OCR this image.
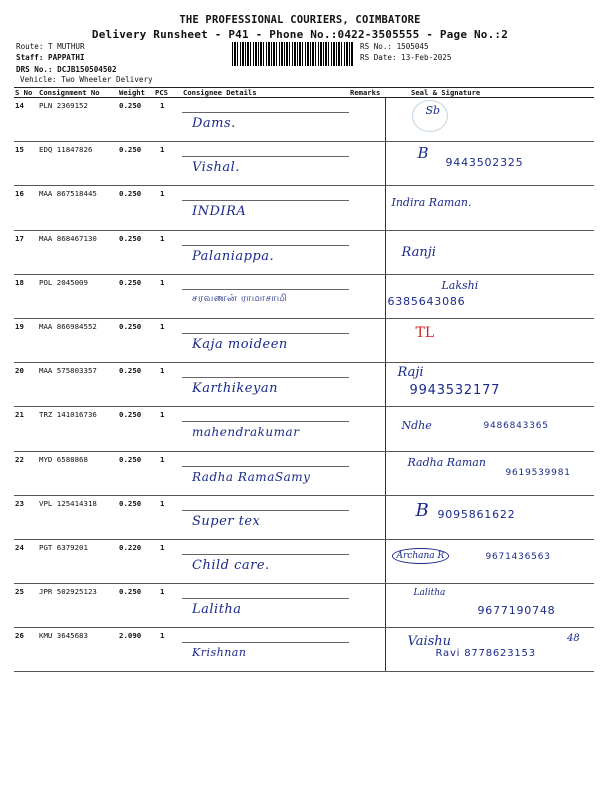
THE PROFESSIONAL COURIERS, COIMBATORE
Delivery Runsheet - P41 - Phone No.:0422-3505555 - Page No.:2
Route: T MUTHUR
Staff: PAPPATHI
DRS No.: DCJB150504502
Vehicle: Two Wheeler Delivery
RS No.: 1505045
RS Date: 13-Feb-2025
S No	Consignment No	Weight	PCS	Consignee Details	Remarks	Seal & Signature
14	PLN 2369152	0.250	1	Dams.		Sb

15	EDQ 11847826	0.250	1	Vishal.		B
9443502325

16	MAA 867518445	0.250	1	INDIRA		Indira Raman.

17	MAA 868467130	0.250	1	Palaniappa.		Ranji

18	POL 2045009	0.250	1	சரவணன் ராமாசாமி		Lakshi
6385643086

19	MAA 866984552	0.250	1	Kaja moideen		TL

20	MAA 575803357	0.250	1	Karthikeyan		Raji
9943532177

21	TRZ 141016736	0.250	1	mahendrakumar		Ndhe 9486843365

22	MYD 6588868	0.250	1	Radha RamaSamy		Radha Raman
9619539981

23	VPL 125414318	0.250	1	Super tex		B 9095861622

24	PGT 6379201	0.220	1	Child care.		Archana R 9671436563

25	JPR 502925123	0.250	1	Lalitha		Lalitha
9677190748

26	KMU 3645683	2.090	1	Krishnan		Vaishu
Ravi 8778623153
48
